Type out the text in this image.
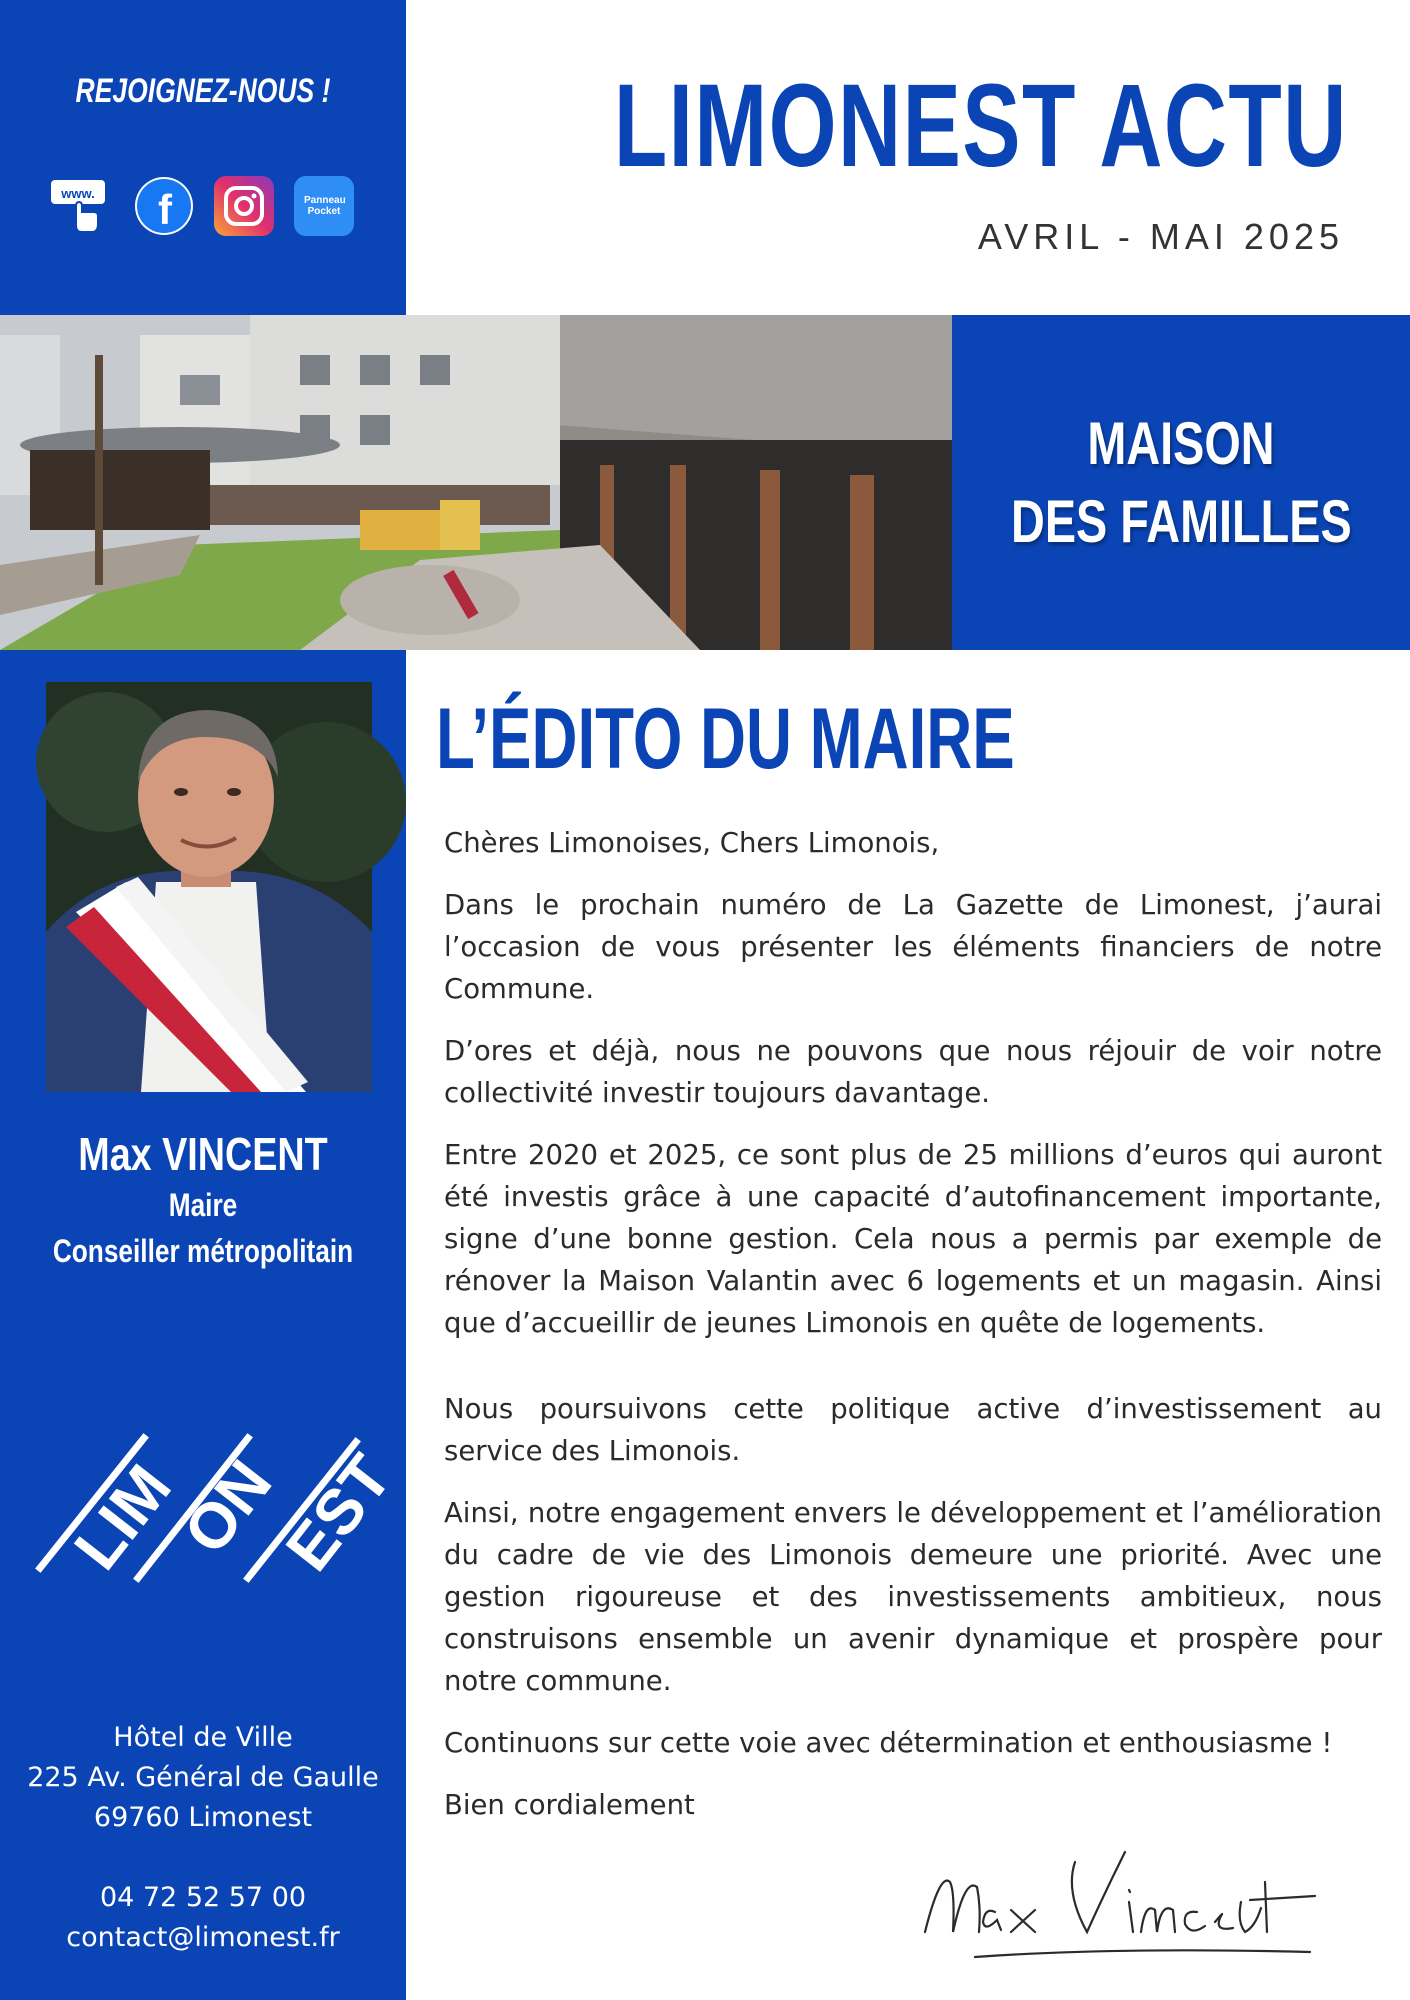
REJOIGNEZ-NOUS !
www. f	Panneau Pocket
LIMONEST ACTU
AVRIL - MAI 2025
MAISON
DES FAMILLES
Max VINCENT
Maire
Conseiller métropolitain
LIM
ON
EST
Hôtel de Ville
225 Av. Général de Gaulle
69760 Limonest
04 72 52 57 00
contact@limonest.fr
L’ÉDITO DU MAIRE

Chères Limonoises, Chers Limonois,

Dans le prochain numéro de La Gazette de Limonest, j’aurai l’occasion de vous présenter les éléments financiers de notre Commune.

D’ores et déjà, nous ne pouvons que nous réjouir de voir notre collectivité investir toujours davantage.

Entre 2020 et 2025, ce sont plus de 25 millions d’euros qui auront été investis grâce à une capacité d’autofinancement importante, signe d’une bonne gestion. Cela nous a permis par exemple de rénover la Maison Valantin avec 6 logements et un magasin. Ainsi que d’accueillir de jeunes Limonois en quête de logements.

Nous poursuivons cette politique active d’investissement au service des Limonois.

Ainsi, notre engagement envers le développement et l’amélioration du cadre de vie des Limonois demeure une priorité. Avec une gestion rigoureuse et des investissements ambitieux, nous construisons ensemble un avenir dynamique et prospère pour notre commune.

Continuons sur cette voie avec détermination et enthousiasme !

Bien cordialement
